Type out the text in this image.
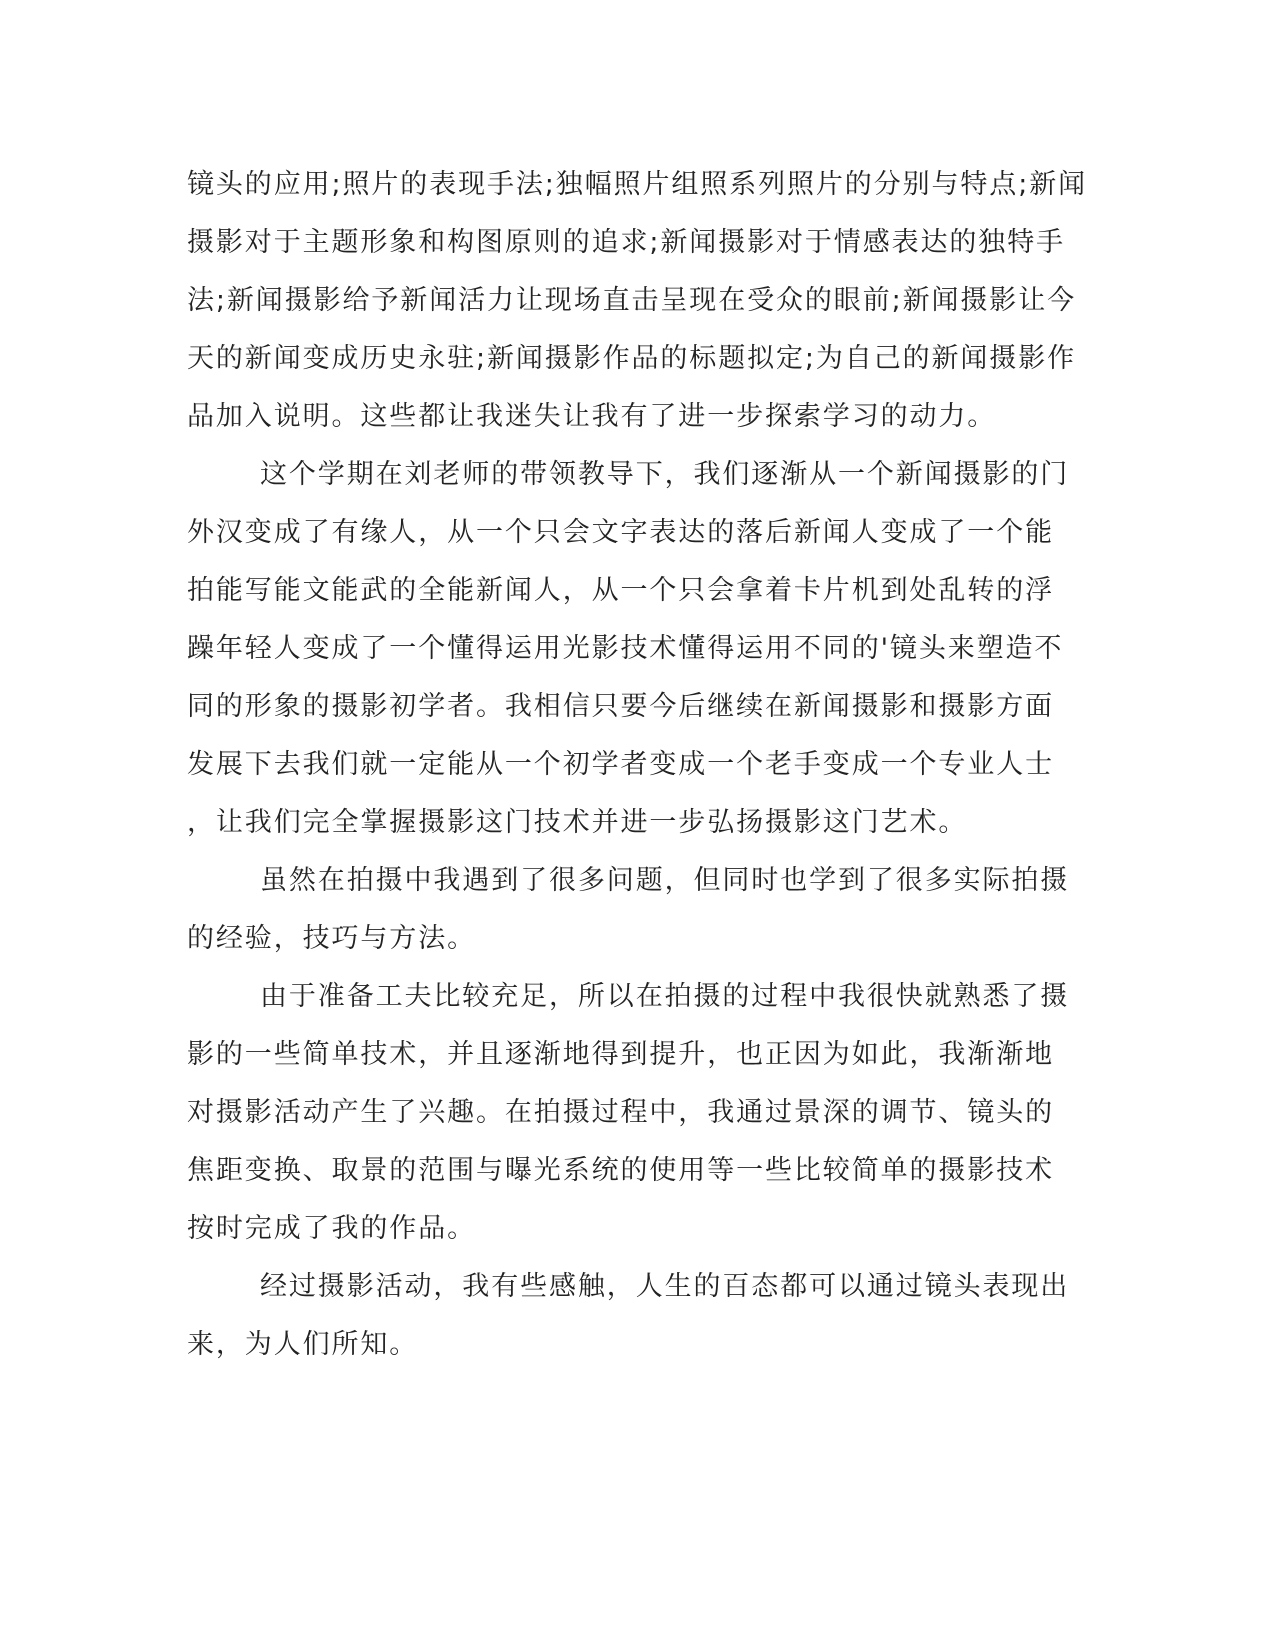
镜头的应用;照片的表现手法;独幅照片组照系列照片的分别与特点;新闻

摄影对于主题形象和构图原则的追求;新闻摄影对于情感表达的独特手

法;新闻摄影给予新闻活力让现场直击呈现在受众的眼前;新闻摄影让今

天的新闻变成历史永驻;新闻摄影作品的标题拟定;为自己的新闻摄影作

品加入说明。这些都让我迷失让我有了进一步探索学习的动力。

这个学期在刘老师的带领教导下，我们逐渐从一个新闻摄影的门

外汉变成了有缘人，从一个只会文字表达的落后新闻人变成了一个能

拍能写能文能武的全能新闻人，从一个只会拿着卡片机到处乱转的浮

躁年轻人变成了一个懂得运用光影技术懂得运用不同的'镜头来塑造不

同的形象的摄影初学者。我相信只要今后继续在新闻摄影和摄影方面

发展下去我们就一定能从一个初学者变成一个老手变成一个专业人士

，让我们完全掌握摄影这门技术并进一步弘扬摄影这门艺术。

虽然在拍摄中我遇到了很多问题，但同时也学到了很多实际拍摄

的经验，技巧与方法。

由于准备工夫比较充足，所以在拍摄的过程中我很快就熟悉了摄

影的一些简单技术，并且逐渐地得到提升，也正因为如此，我渐渐地

对摄影活动产生了兴趣。在拍摄过程中，我通过景深的调节、镜头的

焦距变换、取景的范围与曝光系统的使用等一些比较简单的摄影技术

按时完成了我的作品。

经过摄影活动，我有些感触，人生的百态都可以通过镜头表现出

来，为人们所知。
